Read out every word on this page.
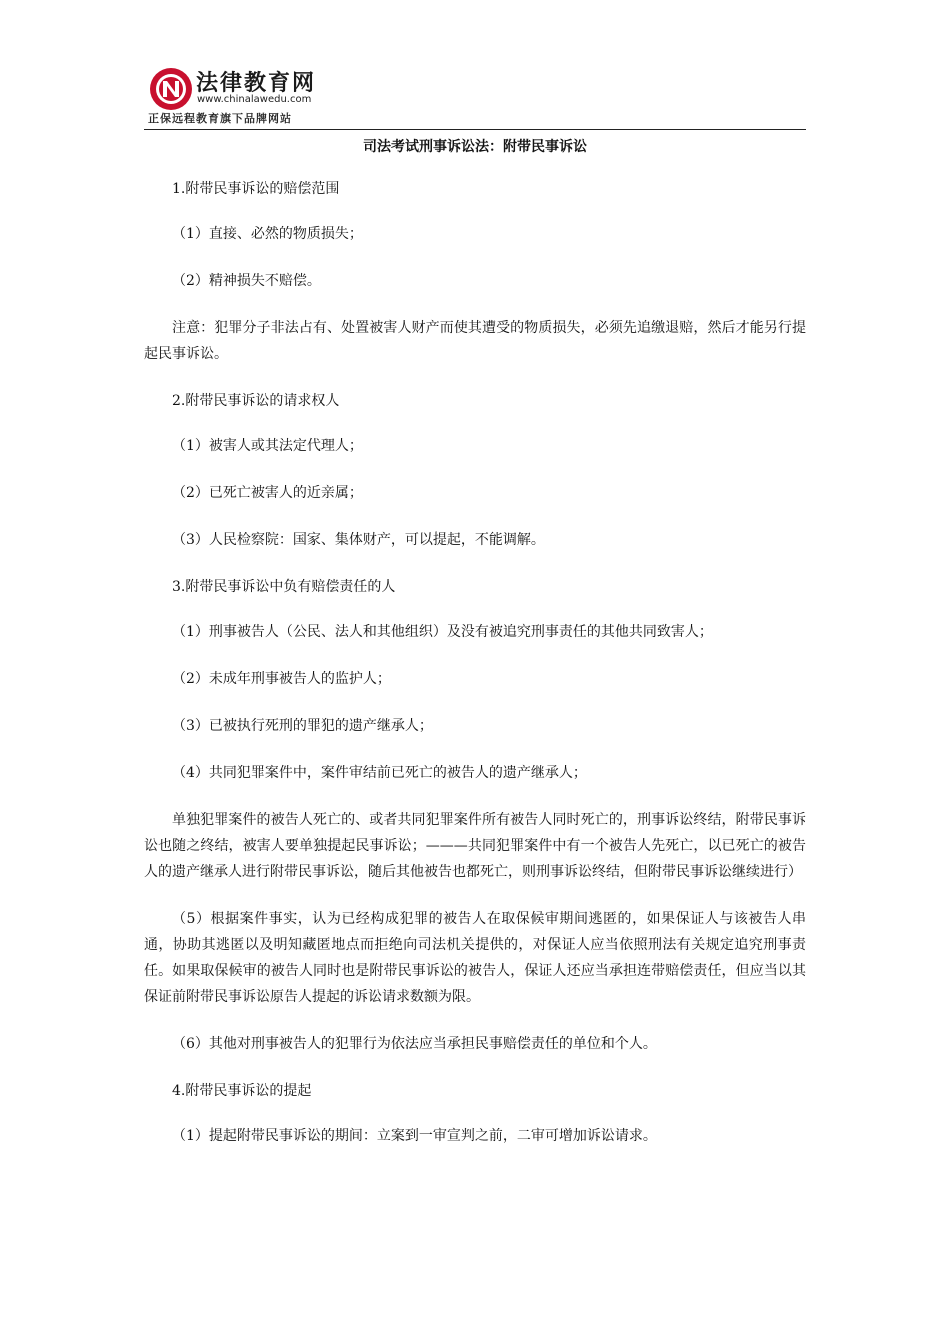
法律教育网
www.chinalawedu.com
正保远程教育旗下品牌网站
司法考试刑事诉讼法：附带民事诉讼

1.附带民事诉讼的赔偿范围

（1）直接、必然的物质损失；

（2）精神损失不赔偿。

注意：犯罪分子非法占有、处置被害人财产而使其遭受的物质损失，必须先追缴退赔，然后才能另行提起民事诉讼。

2.附带民事诉讼的请求权人

（1）被害人或其法定代理人；

（2）已死亡被害人的近亲属；

（3）人民检察院：国家、集体财产，可以提起，不能调解。

3.附带民事诉讼中负有赔偿责任的人

（1）刑事被告人（公民、法人和其他组织）及没有被追究刑事责任的其他共同致害人；

（2）未成年刑事被告人的监护人；

（3）已被执行死刑的罪犯的遗产继承人；

（4）共同犯罪案件中，案件审结前已死亡的被告人的遗产继承人；

单独犯罪案件的被告人死亡的、或者共同犯罪案件所有被告人同时死亡的，刑事诉讼终结，附带民事诉讼也随之终结，被害人要单独提起民事诉讼；———共同犯罪案件中有一个被告人先死亡，以已死亡的被告人的遗产继承人进行附带民事诉讼，随后其他被告也都死亡，则刑事诉讼终结，但附带民事诉讼继续进行）

（5）根据案件事实，认为已经构成犯罪的被告人在取保候审期间逃匿的，如果保证人与该被告人串通，协助其逃匿以及明知藏匿地点而拒绝向司法机关提供的，对保证人应当依照刑法有关规定追究刑事责任。如果取保候审的被告人同时也是附带民事诉讼的被告人，保证人还应当承担连带赔偿责任，但应当以其保证前附带民事诉讼原告人提起的诉讼请求数额为限。

（6）其他对刑事被告人的犯罪行为依法应当承担民事赔偿责任的单位和个人。

4.附带民事诉讼的提起

（1）提起附带民事诉讼的期间：立案到一审宣判之前，二审可增加诉讼请求。
